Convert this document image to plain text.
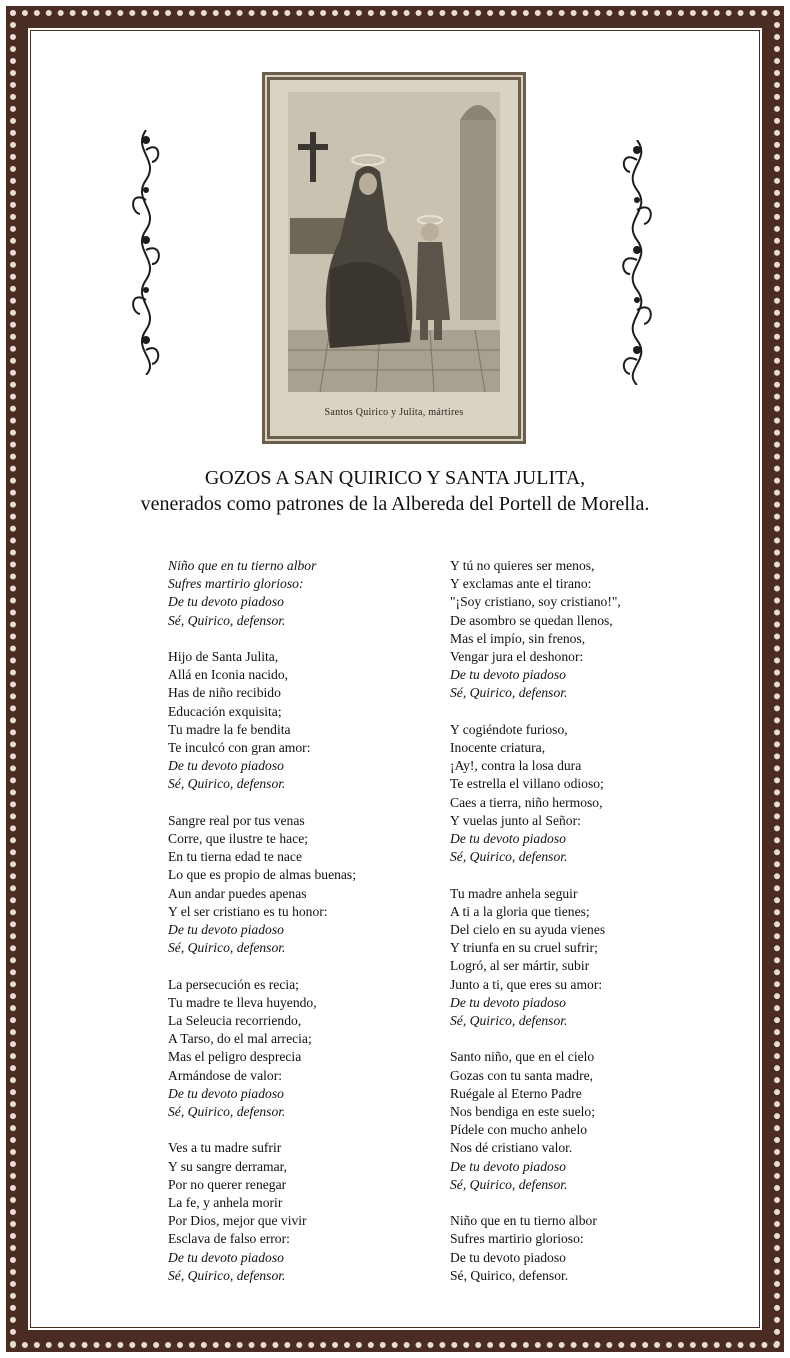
Santos Quirico y Julita, mártires
GOZOS A SAN QUIRICO Y SANTA JULITA,
venerados como patrones de la Albereda del Portell de Morella.
Niño que en tu tierno albor
Sufres martirio glorioso:
De tu devoto piadoso
Sé, Quirico, defensor.
Hijo de Santa Julita,
Allá en Iconia nacido,
Has de niño recibido
Educación exquisita;
Tu madre la fe bendita
Te inculcó con gran amor:
De tu devoto piadoso
Sé, Quirico, defensor.
Sangre real por tus venas
Corre, que ilustre te hace;
En tu tierna edad te nace
Lo que es propio de almas buenas;
Aun andar puedes apenas
Y el ser cristiano es tu honor:
De tu devoto piadoso
Sé, Quirico, defensor.
La persecución es recia;
Tu madre te lleva huyendo,
La Seleucia recorriendo,
A Tarso, do el mal arrecia;
Mas el peligro desprecia
Armándose de valor:
De tu devoto piadoso
Sé, Quirico, defensor.
Ves a tu madre sufrir
Y su sangre derramar,
Por no querer renegar
La fe, y anhela morir
Por Dios, mejor que vivir
Esclava de falso error:
De tu devoto piadoso
Sé, Quirico, defensor.
Y tú no quieres ser menos,
Y exclamas ante el tirano:
"¡Soy cristiano, soy cristiano!",
De asombro se quedan llenos,
Mas el impío, sin frenos,
Vengar jura el deshonor:
De tu devoto piadoso
Sé, Quirico, defensor.
Y cogiéndote furioso,
Inocente criatura,
¡Ay!, contra la losa dura
Te estrella el villano odioso;
Caes a tierra, niño hermoso,
Y vuelas junto al Señor:
De tu devoto piadoso
Sé, Quirico, defensor.
Tu madre anhela seguir
A ti a la gloria que tienes;
Del cielo en su ayuda vienes
Y triunfa en su cruel sufrir;
Logró, al ser mártir, subir
Junto a ti, que eres su amor:
De tu devoto piadoso
Sé, Quirico, defensor.
Santo niño, que en el cielo
Gozas con tu santa madre,
Ruégale al Eterno Padre
Nos bendiga en este suelo;
Pídele con mucho anhelo
Nos dé cristiano valor.
De tu devoto piadoso
Sé, Quirico, defensor.
Niño que en tu tierno albor
Sufres martirio glorioso:
De tu devoto piadoso
Sé, Quirico, defensor.
